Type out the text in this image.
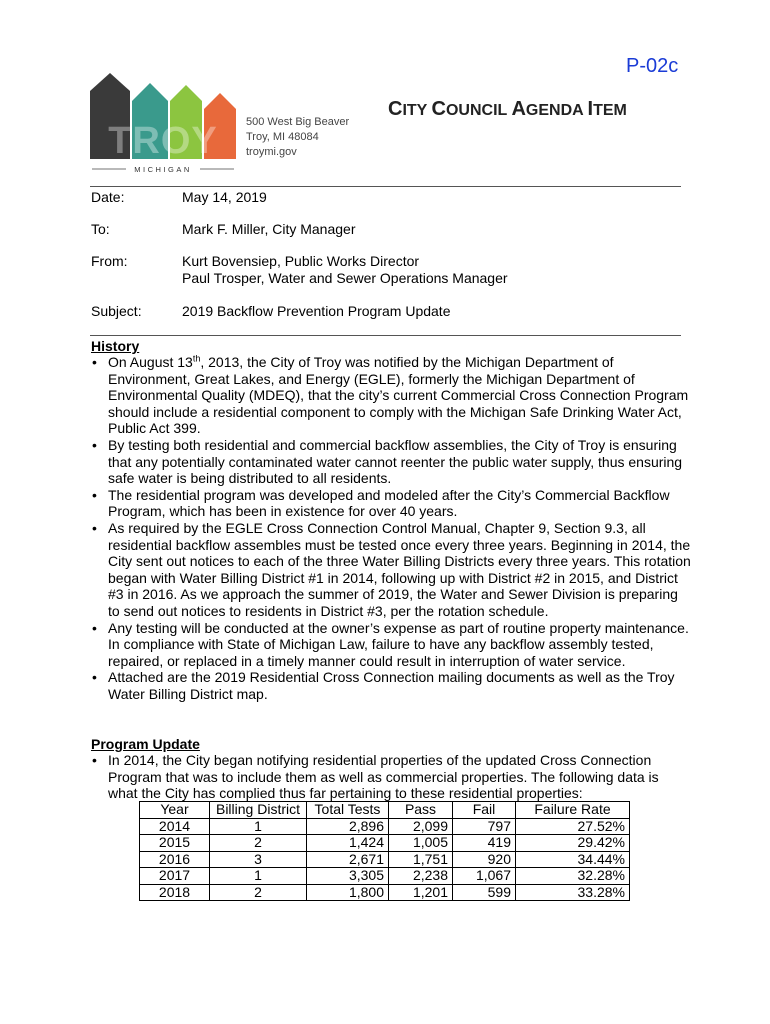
P-02c
TROY
MICHIGAN
500 West Big Beaver
Troy, MI 48084
troymi.gov
CITY COUNCIL AGENDA ITEM
Date:	May 14, 2019
To:	Mark F. Miller, City Manager
From:	Kurt Bovensiep, Public Works Director
Paul Trosper, Water and Sewer Operations Manager
Subject:	2019 Backflow Prevention Program Update
History
• On August 13th, 2013, the City of Troy was notified by the Michigan Department of Environment, Great Lakes, and Energy (EGLE), formerly the Michigan Department of Environmental Quality (MDEQ), that the city’s current Commercial Cross Connection Program should include a residential component to comply with the Michigan Safe Drinking Water Act, Public Act 399.
• By testing both residential and commercial backflow assemblies, the City of Troy is ensuring that any potentially contaminated water cannot reenter the public water supply, thus ensuring safe water is being distributed to all residents.
• The residential program was developed and modeled after the City’s Commercial Backflow Program, which has been in existence for over 40 years.
• As required by the EGLE Cross Connection Control Manual, Chapter 9, Section 9.3, all residential backflow assembles must be tested once every three years. Beginning in 2014, the City sent out notices to each of the three Water Billing Districts every three years. This rotation began with Water Billing District #1 in 2014, following up with District #2 in 2015, and District #3 in 2016. As we approach the summer of 2019, the Water and Sewer Division is preparing to send out notices to residents in District #3, per the rotation schedule.
• Any testing will be conducted at the owner’s expense as part of routine property maintenance. In compliance with State of Michigan Law, failure to have any backflow assembly tested, repaired, or replaced in a timely manner could result in interruption of water service.
• Attached are the 2019 Residential Cross Connection mailing documents as well as the Troy Water Billing District map.
Program Update
• In 2014, the City began notifying residential properties of the updated Cross Connection Program that was to include them as well as commercial properties. The following data is what the City has complied thus far pertaining to these residential properties:
Year	Billing District	Total Tests	Pass	Fail	Failure Rate
2014	1	2,896	2,099	797	27.52%
2015	2	1,424	1,005	419	29.42%
2016	3	2,671	1,751	920	34.44%
2017	1	3,305	2,238	1,067	32.28%
2018	2	1,800	1,201	599	33.28%
